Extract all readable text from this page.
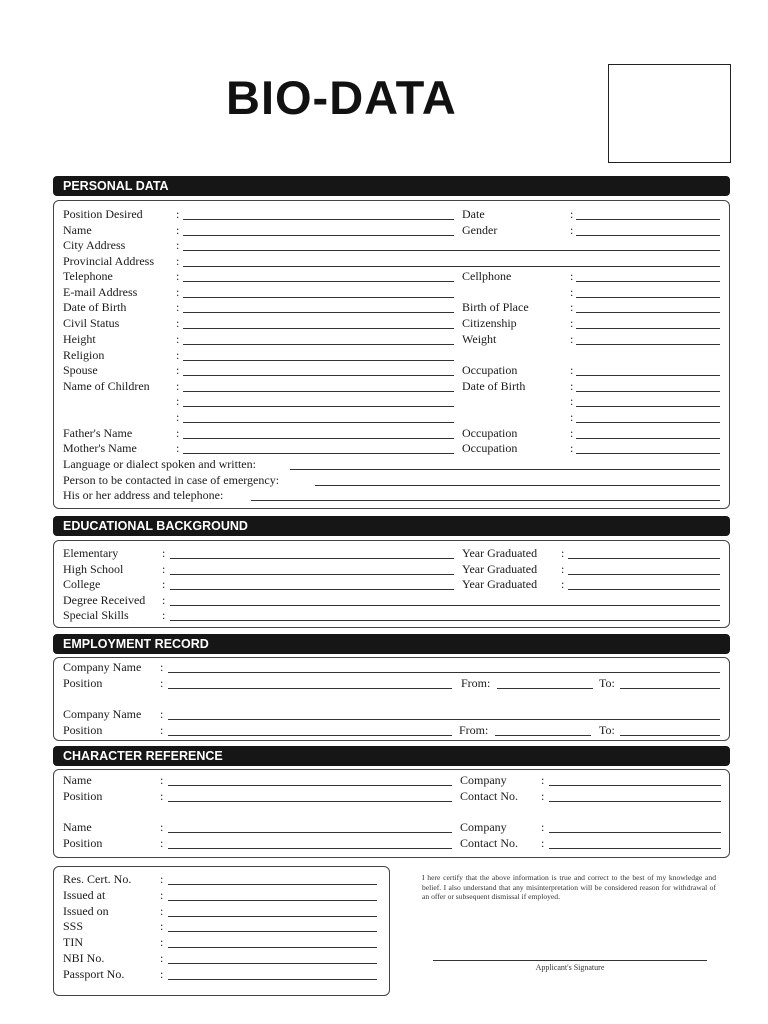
BIO-DATA
PERSONAL DATA
Position Desired	:	Date	:
Name	:	Gender	:
City Address	:
Provincial Address :
Telephone	:	Cellphone	:
E-mail Address	:	:
Date of Birth	:	Birth of Place	:
Civil Status	:	Citizenship	:
Height	:	Weight	:
Religion	:
Spouse	:	Occupation	:
Name of Children :	Date of Birth	:
:	:
:	:
Father's Name	:	Occupation	:
Mother's Name	:	Occupation	:
Language or dialect spoken and written:
Person to be contacted in case of emergency:
His or her address and telephone:
EDUCATIONAL BACKGROUND
Elementary	:	Year Graduated :
High School	:	Year Graduated :
College	:	Year Graduated :
Degree Received :
Special Skills	:
EMPLOYMENT RECORD
Company Name :
Position	:	From:	To:
Company Name :
Position	:	From:	To:
CHARACTER REFERENCE
Name	:	Company	:
Position	:	Contact No. :
Name	:	Company	:
Position	:	Contact No. :
Res. Cert. No. :
Issued at	:
Issued on	:
SSS	:
TIN	:
NBI No.	:
Passport No.	:
I here certify that the above information is true and correct to the best of my knowledge and belief. I also understand that any misinterpretation will be considered reason for withdrawal of an offer or subsequent dismissal if employed.
Applicant's Signature
